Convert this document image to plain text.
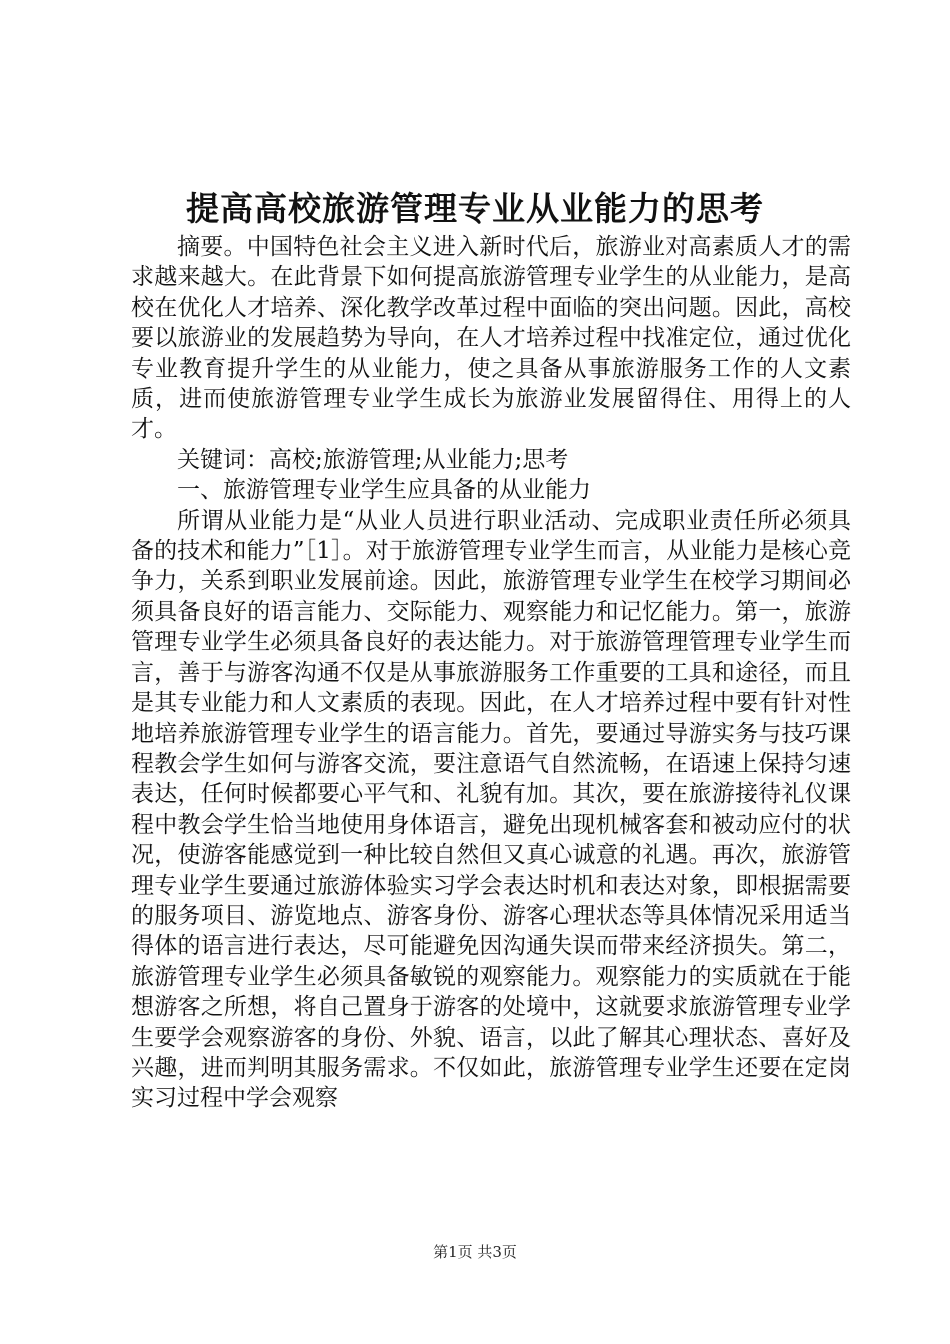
提高高校旅游管理专业从业能力的思考

摘要。中国特色社会主义进入新时代后，旅游业对高素质人才的需求越来越大。在此背景下如何提高旅游管理专业学生的从业能力，是高校在优化人才培养、深化教学改革过程中面临的突出问题。因此，高校要以旅游业的发展趋势为导向，在人才培养过程中找准定位，通过优化专业教育提升学生的从业能力，使之具备从事旅游服务工作的人文素质，进而使旅游管理专业学生成长为旅游业发展留得住、用得上的人才。

关键词：高校;旅游管理;从业能力;思考

一、旅游管理专业学生应具备的从业能力

所谓从业能力是“从业人员进行职业活动、完成职业责任所必须具备的技术和能力”［1］。对于旅游管理专业学生而言，从业能力是核心竞争力，关系到职业发展前途。因此，旅游管理专业学生在校学习期间必须具备良好的语言能力、交际能力、观察能力和记忆能力。第一，旅游管理专业学生必须具备良好的表达能力。对于旅游管理管理专业学生而言，善于与游客沟通不仅是从事旅游服务工作重要的工具和途径，而且是其专业能力和人文素质的表现。因此，在人才培养过程中要有针对性地培养旅游管理专业学生的语言能力。首先，要通过导游实务与技巧课程教会学生如何与游客交流，要注意语气自然流畅，在语速上保持匀速表达，任何时候都要心平气和、礼貌有加。其次，要在旅游接待礼仪课程中教会学生恰当地使用身体语言，避免出现机械客套和被动应付的状况，使游客能感觉到一种比较自然但又真心诚意的礼遇。再次，旅游管理专业学生要通过旅游体验实习学会表达时机和表达对象，即根据需要的服务项目、游览地点、游客身份、游客心理状态等具体情况采用适当得体的语言进行表达，尽可能避免因沟通失误而带来经济损失。第二，旅游管理专业学生必须具备敏锐的观察能力。观察能力的实质就在于能想游客之所想，将自己置身于游客的处境中，这就要求旅游管理专业学生要学会观察游客的身份、外貌、语言，以此了解其心理状态、喜好及兴趣，进而判明其服务需求。不仅如此，旅游管理专业学生还要在定岗实习过程中学会观察

第1页 共3页
